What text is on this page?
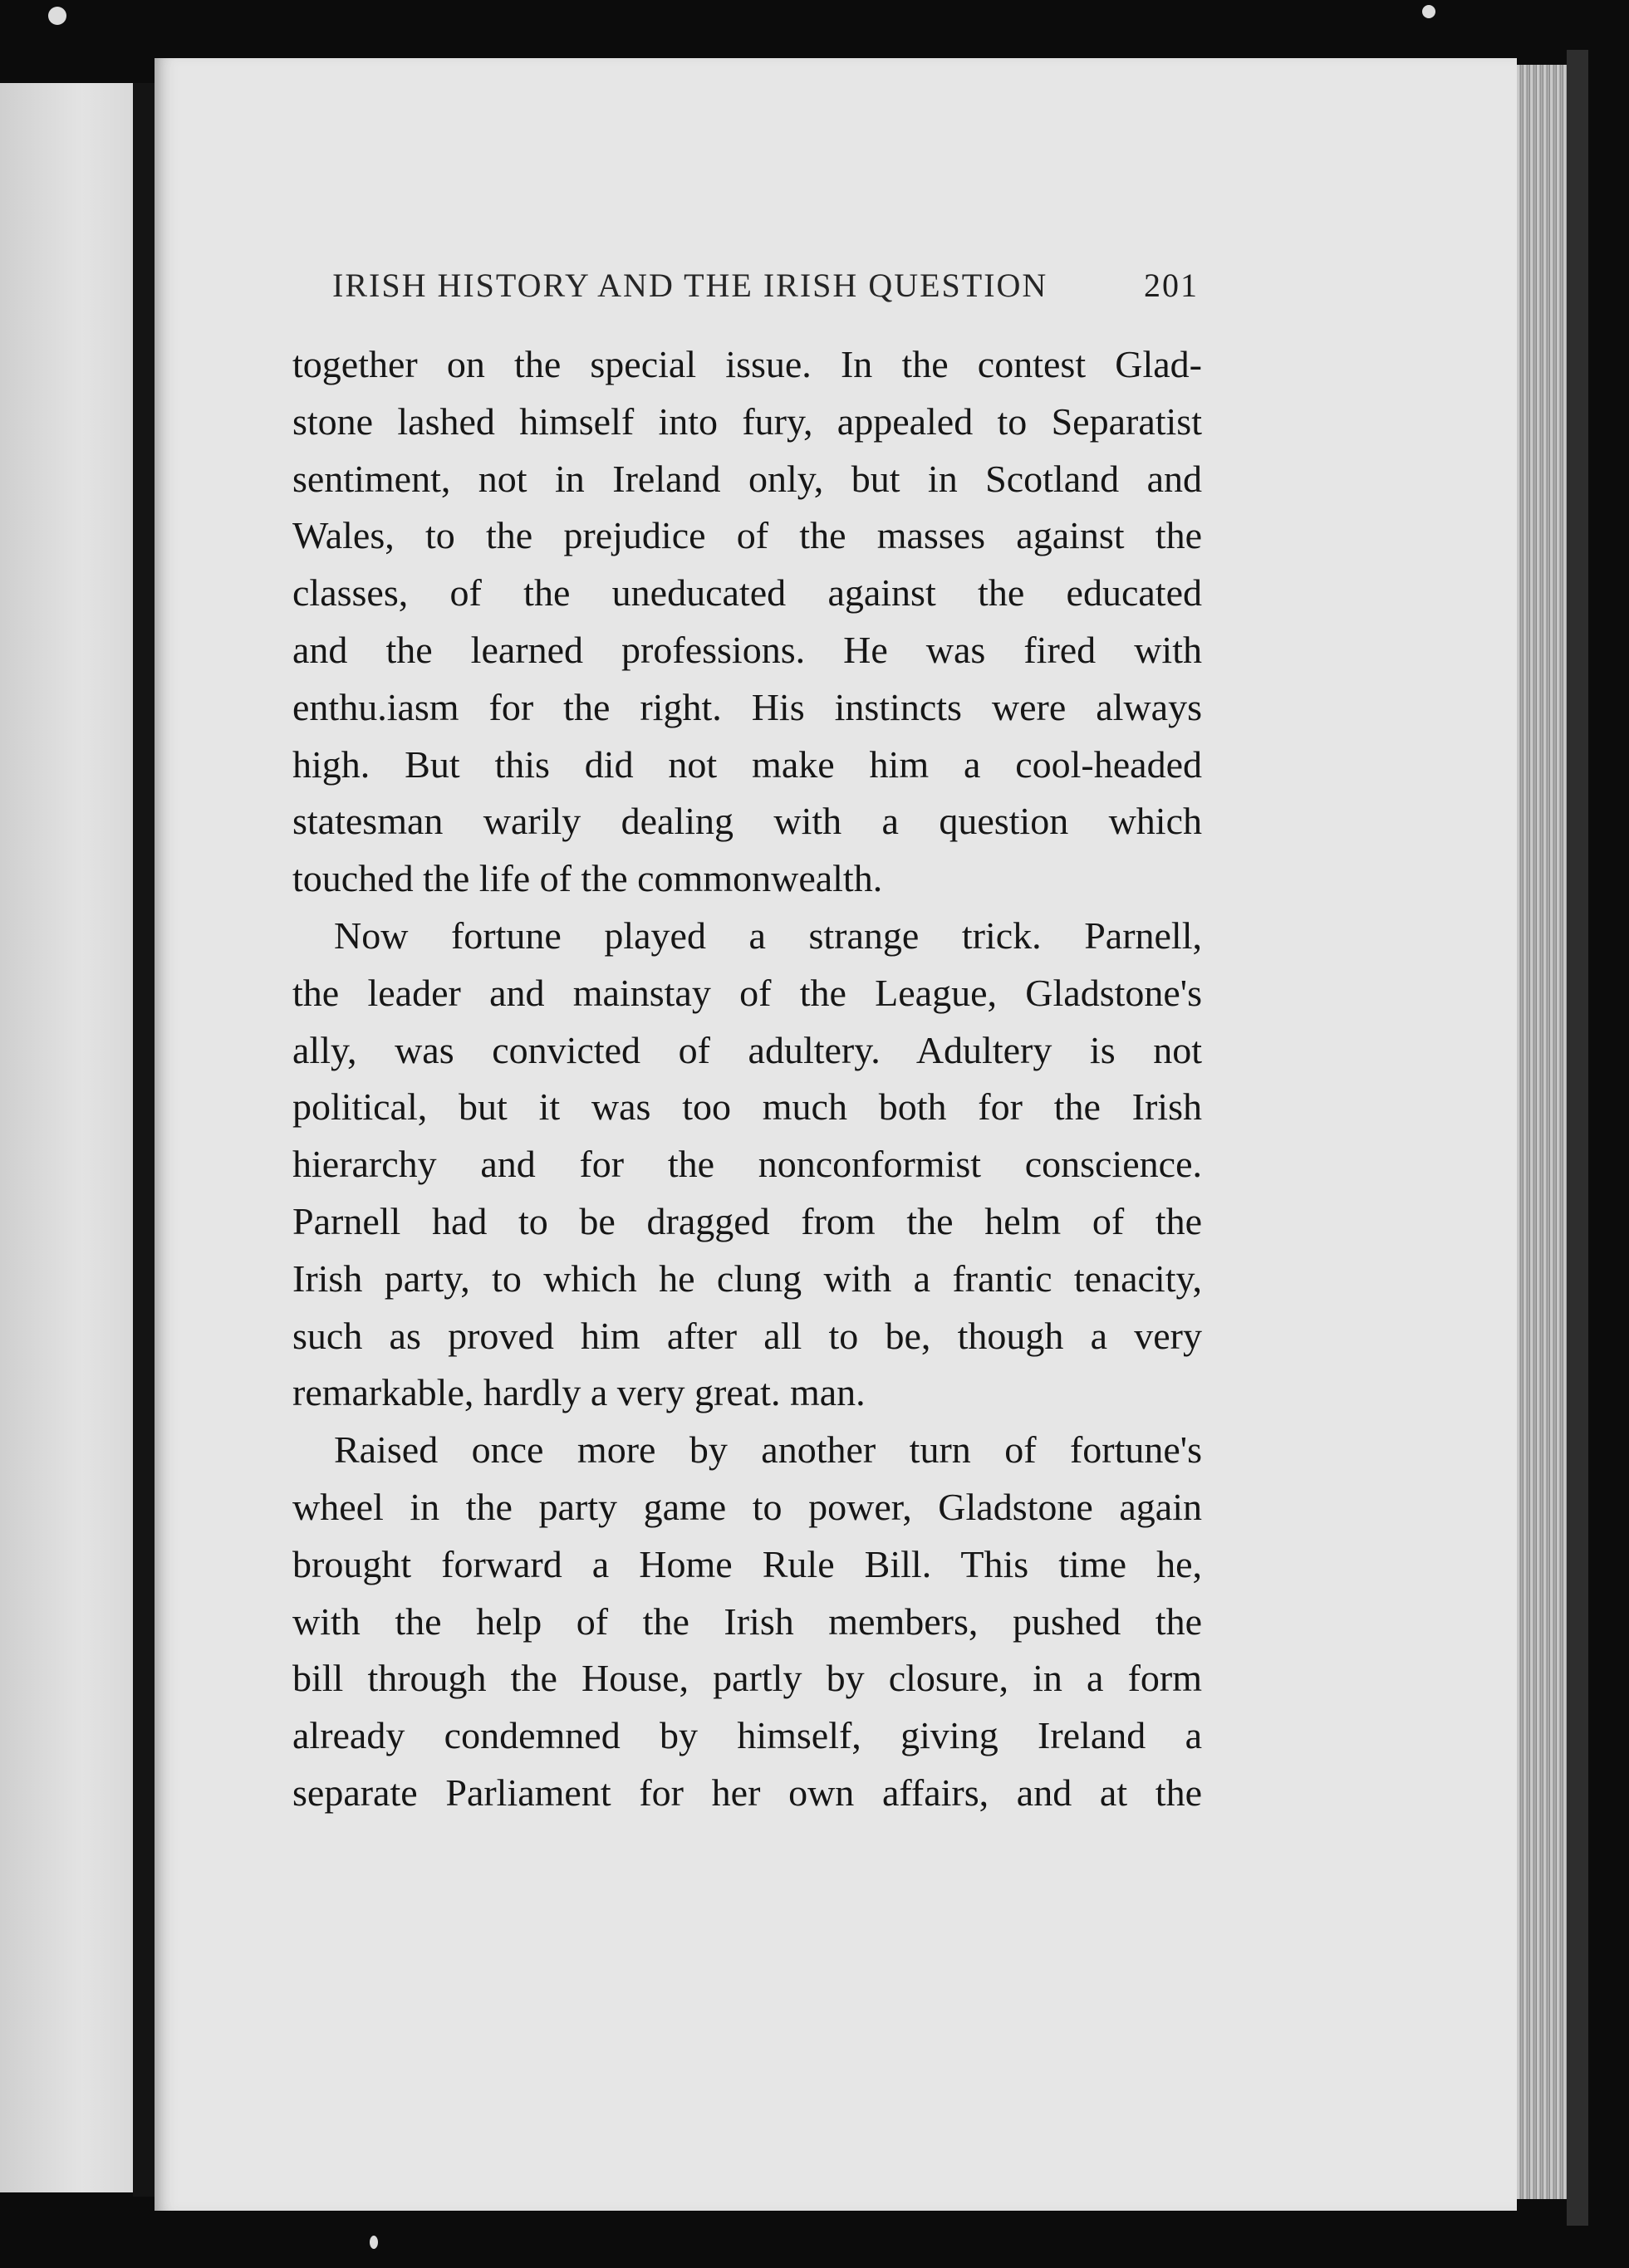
IRISH HISTORY AND THE IRISH QUESTION	201
together on the special issue. In the contest Glad-
stone lashed himself into fury, appealed to Separatist
sentiment, not in Ireland only, but in Scotland and
Wales, to the prejudice of the masses against the
classes, of the uneducated against the educated
and the learned professions. He was fired with
enthu.iasm for the right. His instincts were always
high. But this did not make him a cool-headed
statesman warily dealing with a question which
touched the life of the commonwealth.
Now fortune played a strange trick. Parnell,
the leader and mainstay of the League, Gladstone's
ally, was convicted of adultery. Adultery is not
political, but it was too much both for the Irish
hierarchy and for the nonconformist conscience.
Parnell had to be dragged from the helm of the
Irish party, to which he clung with a frantic tenacity,
such as proved him after all to be, though a very
remarkable, hardly a very great. man.
Raised once more by another turn of fortune's
wheel in the party game to power, Gladstone again
brought forward a Home Rule Bill. This time he,
with the help of the Irish members, pushed the
bill through the House, partly by closure, in a form
already condemned by himself, giving Ireland a
separate Parliament for her own affairs, and at the
